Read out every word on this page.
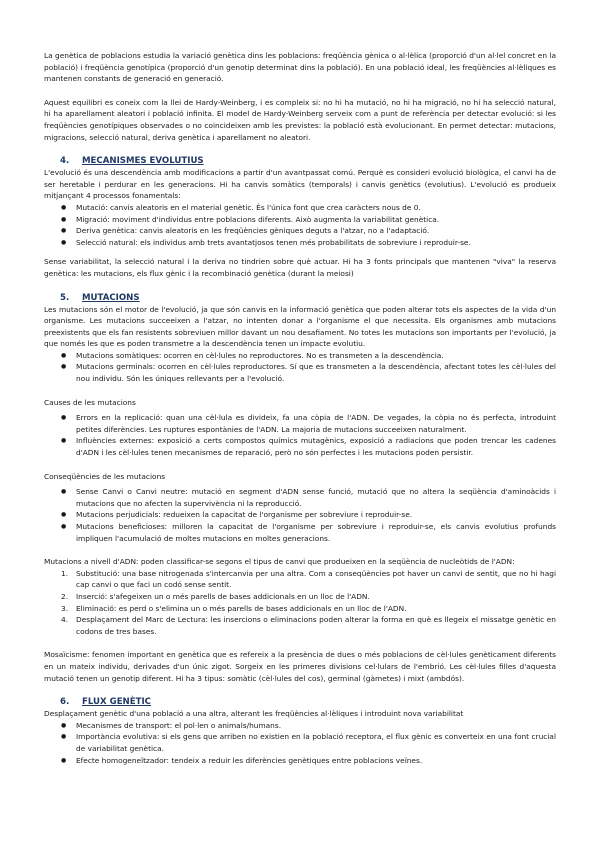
La genètica de poblacions estudia la variació genètica dins les poblacions: freqüència gènica o al·lèlica (proporció d'un al·lel concret en la població) i freqüència genotípica (proporció d'un genotip determinat dins la població). En una població ideal, les freqüències al·lèliques es mantenen constants de generació en generació.

Aquest equilibri es coneix com la llei de Hardy-Weinberg, i es compleix si: no hi ha mutació, no hi ha migració, no hi ha selecció natural, hi ha aparellament aleatori i població infinita. El model de Hardy-Weinberg serveix com a punt de referència per detectar evolució: si les freqüències genotípiques observades o no coincideixen amb les previstes: la població està evolucionant. En permet detectar: mutacions, migracions, selecció natural, deriva genètica i aparellament no aleatori.

4.	MECANISMES EVOLUTIUS

L'evolució és una descendència amb modificacions a partir d'un avantpassat comú. Perquè es consideri evolució biològica, el canvi ha de ser heretable i perdurar en les generacions. Hi ha canvis somàtics (temporals) i canvis genètics (evolutius). L'evolució es produeix mitjançant 4 processos fonamentals:

● Mutació: canvis aleatoris en el material genètic. És l'única font que crea caràcters nous de 0.
● Migració: moviment d'individus entre poblacions diferents. Això augmenta la variabilitat genètica.
● Deriva genètica: canvis aleatoris en les freqüències gèniques deguts a l'atzar, no a l'adaptació.
● Selecció natural: els individus amb trets avantatjosos tenen més probabilitats de sobreviure i reproduir-se.

Sense variabilitat, la selecció natural i la deriva no tindrien sobre què actuar. Hi ha 3 fonts principals que mantenen "viva" la reserva genètica: les mutacions, els flux gènic i la recombinació genètica (durant la meiosi)

5.	MUTACIONS

Les mutacions són el motor de l'evolució, ja que són canvis en la informació genètica que poden alterar tots els aspectes de la vida d'un organisme. Les mutacions succeeixen a l'atzar, no intenten donar a l'organisme el que necessita. Els organismes amb mutacions preexistents que els fan resistents sobreviuen millor davant un nou desafiament. No totes les mutacions son importants per l'evolució, ja que només les que es poden transmetre a la descendència tenen un impacte evolutiu.

● Mutacions somàtiques: ocorren en cèl·lules no reproductores. No es transmeten a la descendència.
● Mutacions germinals: ocorren en cèl·lules reproductores. Sí que es transmeten a la descendència, afectant totes les cèl·lules del nou individu. Són les úniques rellevants per a l'evolució.

Causes de les mutacions

● Errors en la replicació: quan una cèl·lula es divideix, fa una còpia de l'ADN. De vegades, la còpia no és perfecta, introduint petites diferències. Les ruptures espontànies de l'ADN. La majoria de mutacions succeeixen naturalment.
● Influències externes: exposició a certs compostos químics mutagènics, exposició a radiacions que poden trencar les cadenes d'ADN i les cèl·lules tenen mecanismes de reparació, però no són perfectes i les mutacions poden persistir.

Conseqüències de les mutacions

● Sense Canvi o Canvi neutre: mutació en segment d'ADN sense funció, mutació que no altera la seqüència d'aminoàcids i mutacions que no afecten la supervivència ni la reproducció.
● Mutacions perjudicials: redueixen la capacitat de l'organisme per sobreviure i reproduir-se.
● Mutacions beneficioses: milloren la capacitat de l'organisme per sobreviure i reproduir-se, els canvis evolutius profunds impliquen l'acumulació de moltes mutacions en moltes generacions.

Mutacions a nivell d'ADN: poden classificar-se segons el tipus de canvi que produeixen en la seqüència de nucleòtids de l'ADN:

1. Substitució: una base nitrogenada s'intercanvia per una altra. Com a conseqüències pot haver un canvi de sentit, que no hi hagi cap canvi o que faci un codó sense sentit.
2. Inserció: s'afegeixen un o més parells de bases addicionals en un lloc de l'ADN.
3. Eliminació: es perd o s'elimina un o més parells de bases addicionals en un lloc de l'ADN.
4. Desplaçament del Marc de Lectura: les insercions o eliminacions poden alterar la forma en què es llegeix el missatge genètic en codons de tres bases.

Mosaïcisme: fenomen important en genètica que es refereix a la presència de dues o més poblacions de cèl·lules genèticament diferents en un mateix individu, derivades d'un únic zigot. Sorgeix en les primeres divisions cel·lulars de l'embrió. Les cèl·lules filles d'aquesta mutació tenen un genotip diferent. Hi ha 3 tipus: somàtic (cèl·lules del cos), germinal (gàmetes) i mixt (ambdós).

6.	FLUX GENÈTIC

Desplaçament genètic d'una població a una altra, alterant les freqüències al·lèliques i introduint nova variabilitat

● Mecanismes de transport: el pol·len o animals/humans.
● Importància evolutiva: si els gens que arriben no existien en la població receptora, el flux gènic es converteix en una font crucial de variabilitat genètica.
● Efecte homogeneïtzador: tendeix a reduir les diferències genètiques entre poblacions veïnes.
